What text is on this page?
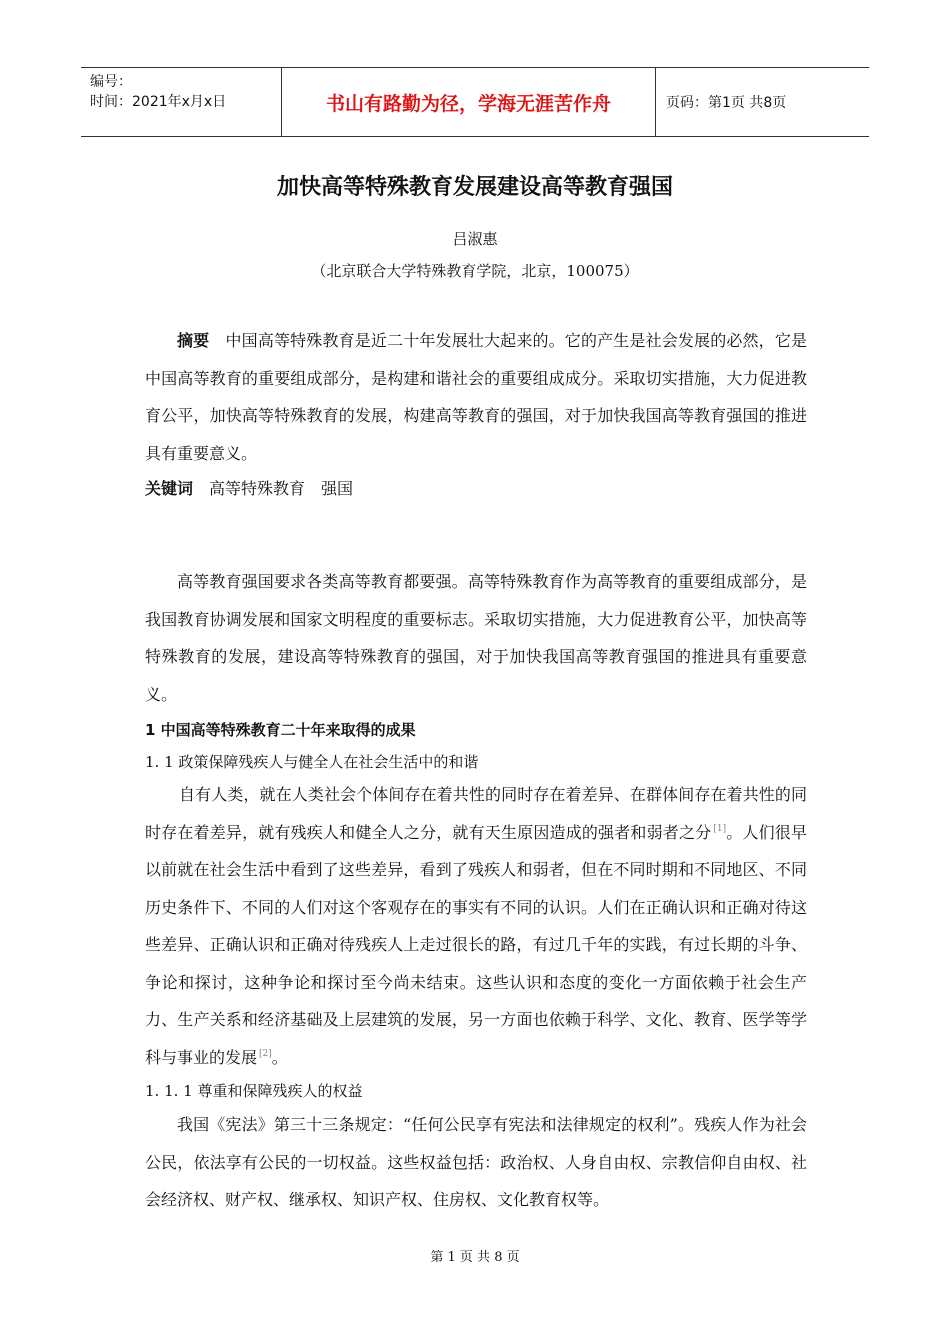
编号：
时间：2021年x月x日	书山有路勤为径，学海无涯苦作舟	页码：第1页 共8页
加快高等特殊教育发展建设高等教育强国
吕淑惠
（北京联合大学特殊教育学院，北京，100075）
摘要　 中国高等特殊教育是近二十年发展壮大起来的。它的产生是社会发展的必然，它是中国高等教育的重要组成部分，是构建和谐社会的重要组成成分。采取切实措施，大力促进教育公平，加快高等特殊教育的发展，构建高等教育的强国，对于加快我国高等教育强国的推进具有重要意义。
关键词　 高等特殊教育　强国
高等教育强国要求各类高等教育都要强。高等特殊教育作为高等教育的重要组成部分，是我国教育协调发展和国家文明程度的重要标志。采取切实措施，大力促进教育公平，加快高等特殊教育的发展，建设高等特殊教育的强国，对于加快我国高等教育强国的推进具有重要意义。
1 中国高等特殊教育二十年来取得的成果
1. 1 政策保障残疾人与健全人在社会生活中的和谐
自有人类，就在人类社会个体间存在着共性的同时存在着差异、在群体间存在着共性的同时存在着差异，就有残疾人和健全人之分，就有天生原因造成的强者和弱者之分 [1]。人们很早以前就在社会生活中看到了这些差异，看到了残疾人和弱者，但在不同时期和不同地区、不同历史条件下、不同的人们对这个客观存在的事实有不同的认识。人们在正确认识和正确对待这些差异、正确认识和正确对待残疾人上走过很长的路，有过几千年的实践，有过长期的斗争、争论和探讨，这种争论和探讨至今尚未结束。这些认识和态度的变化一方面依赖于社会生产力、生产关系和经济基础及上层建筑的发展，另一方面也依赖于科学、文化、教育、医学等学科与事业的发展 [2]。
1. 1. 1 尊重和保障残疾人的权益
我国《宪法》第三十三条规定：“任何公民享有宪法和法律规定的权利”。残疾人作为社会公民，依法享有公民的一切权益。这些权益包括：政治权、人身自由权、宗教信仰自由权、社会经济权、财产权、继承权、知识产权、住房权、文化教育权等。
第 1 页 共 8 页
